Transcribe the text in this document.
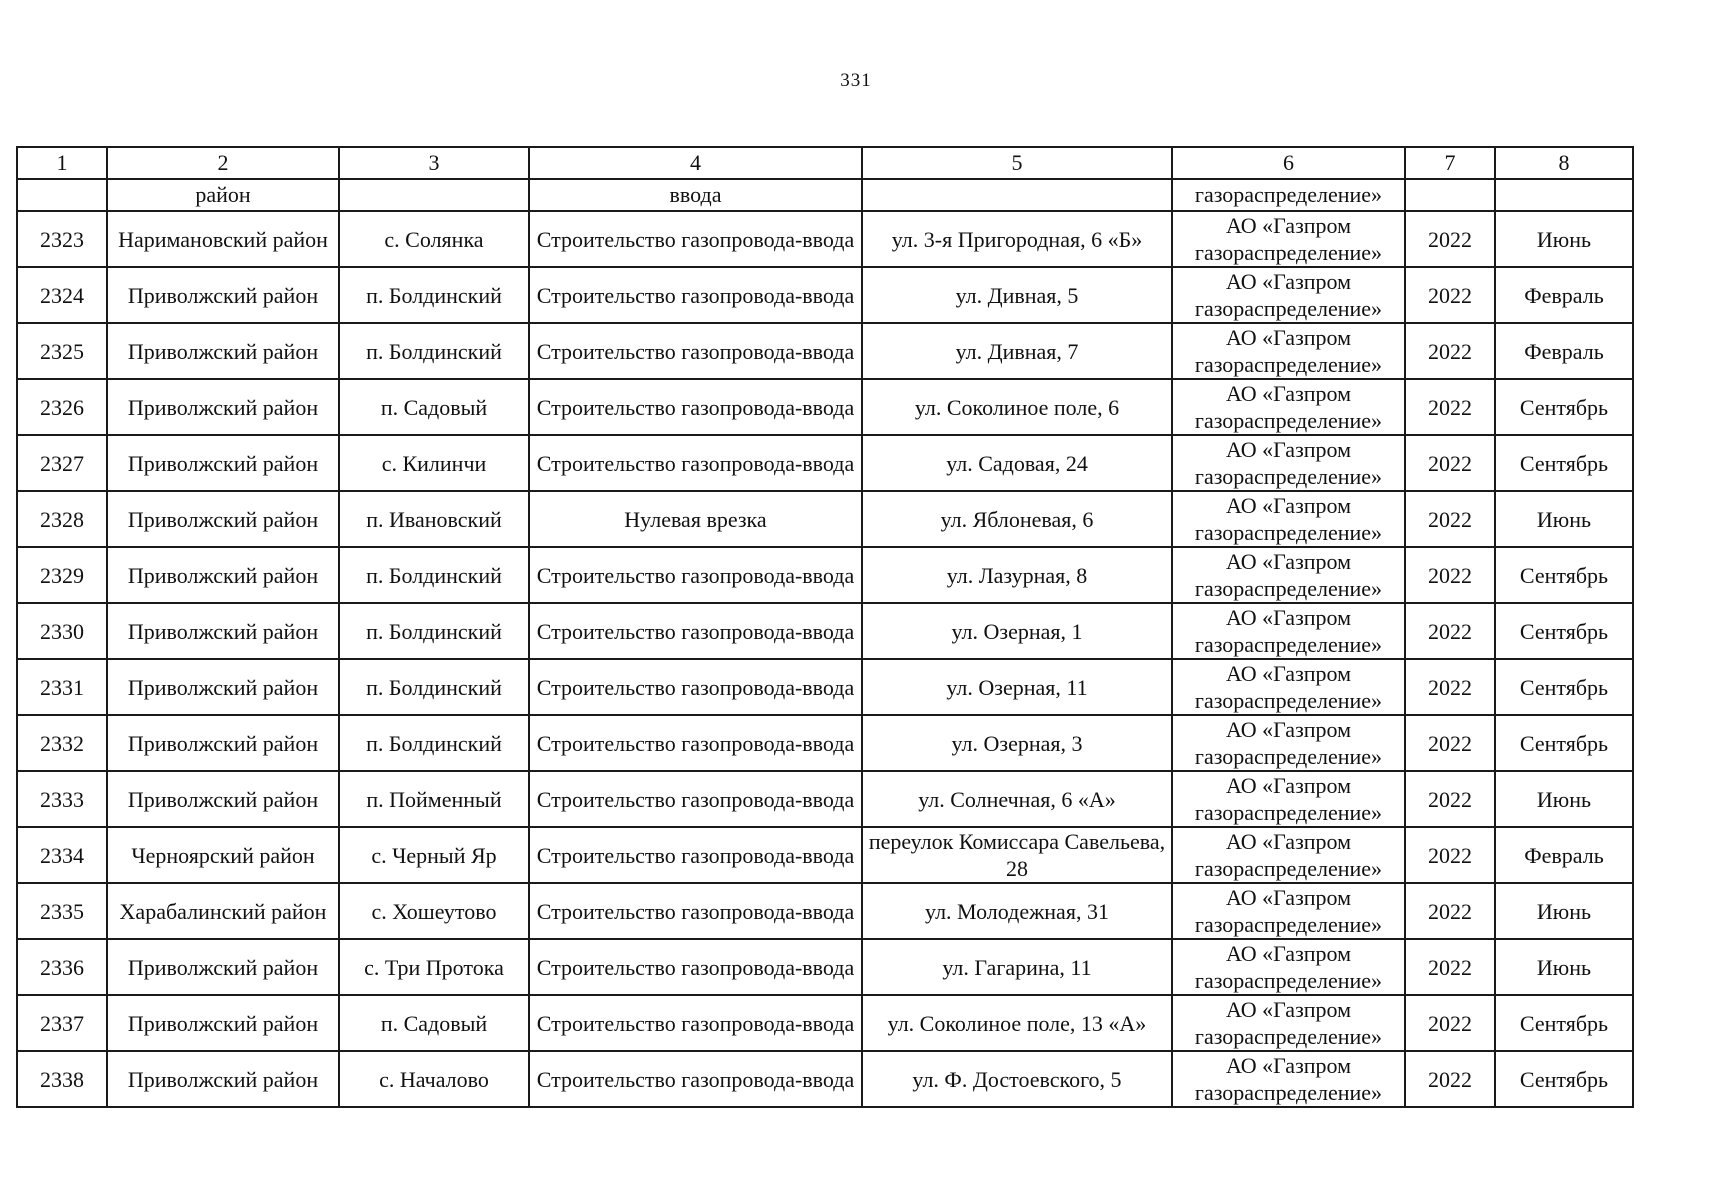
331
1	2	3	4	5	6	7	8
	район		ввода		газораспределение»		
2323	Наримановский район	с. Солянка	Строительство газопровода-ввода	ул. 3-я Пригородная, 6 «Б»	АО «Газпром газораспределение»	2022	Июнь
2324	Приволжский район	п. Болдинский	Строительство газопровода-ввода	ул. Дивная, 5	АО «Газпром газораспределение»	2022	Февраль
2325	Приволжский район	п. Болдинский	Строительство газопровода-ввода	ул. Дивная, 7	АО «Газпром газораспределение»	2022	Февраль
2326	Приволжский район	п. Садовый	Строительство газопровода-ввода	ул. Соколиное поле, 6	АО «Газпром газораспределение»	2022	Сентябрь
2327	Приволжский район	с. Килинчи	Строительство газопровода-ввода	ул. Садовая, 24	АО «Газпром газораспределение»	2022	Сентябрь
2328	Приволжский район	п. Ивановский	Нулевая врезка	ул. Яблоневая, 6	АО «Газпром газораспределение»	2022	Июнь
2329	Приволжский район	п. Болдинский	Строительство газопровода-ввода	ул. Лазурная, 8	АО «Газпром газораспределение»	2022	Сентябрь
2330	Приволжский район	п. Болдинский	Строительство газопровода-ввода	ул. Озерная, 1	АО «Газпром газораспределение»	2022	Сентябрь
2331	Приволжский район	п. Болдинский	Строительство газопровода-ввода	ул. Озерная, 11	АО «Газпром газораспределение»	2022	Сентябрь
2332	Приволжский район	п. Болдинский	Строительство газопровода-ввода	ул. Озерная, 3	АО «Газпром газораспределение»	2022	Сентябрь
2333	Приволжский район	п. Пойменный	Строительство газопровода-ввода	ул. Солнечная, 6 «А»	АО «Газпром газораспределение»	2022	Июнь
2334	Черноярский район	с. Черный Яр	Строительство газопровода-ввода	переулок Комиссара Савельева, 28	АО «Газпром газораспределение»	2022	Февраль
2335	Харабалинский район	с. Хошеутово	Строительство газопровода-ввода	ул. Молодежная, 31	АО «Газпром газораспределение»	2022	Июнь
2336	Приволжский район	с. Три Протока	Строительство газопровода-ввода	ул. Гагарина, 11	АО «Газпром газораспределение»	2022	Июнь
2337	Приволжский район	п. Садовый	Строительство газопровода-ввода	ул. Соколиное поле, 13 «А»	АО «Газпром газораспределение»	2022	Сентябрь
2338	Приволжский район	с. Началово	Строительство газопровода-ввода	ул. Ф. Достоевского, 5	АО «Газпром газораспределение»	2022	Сентябрь
